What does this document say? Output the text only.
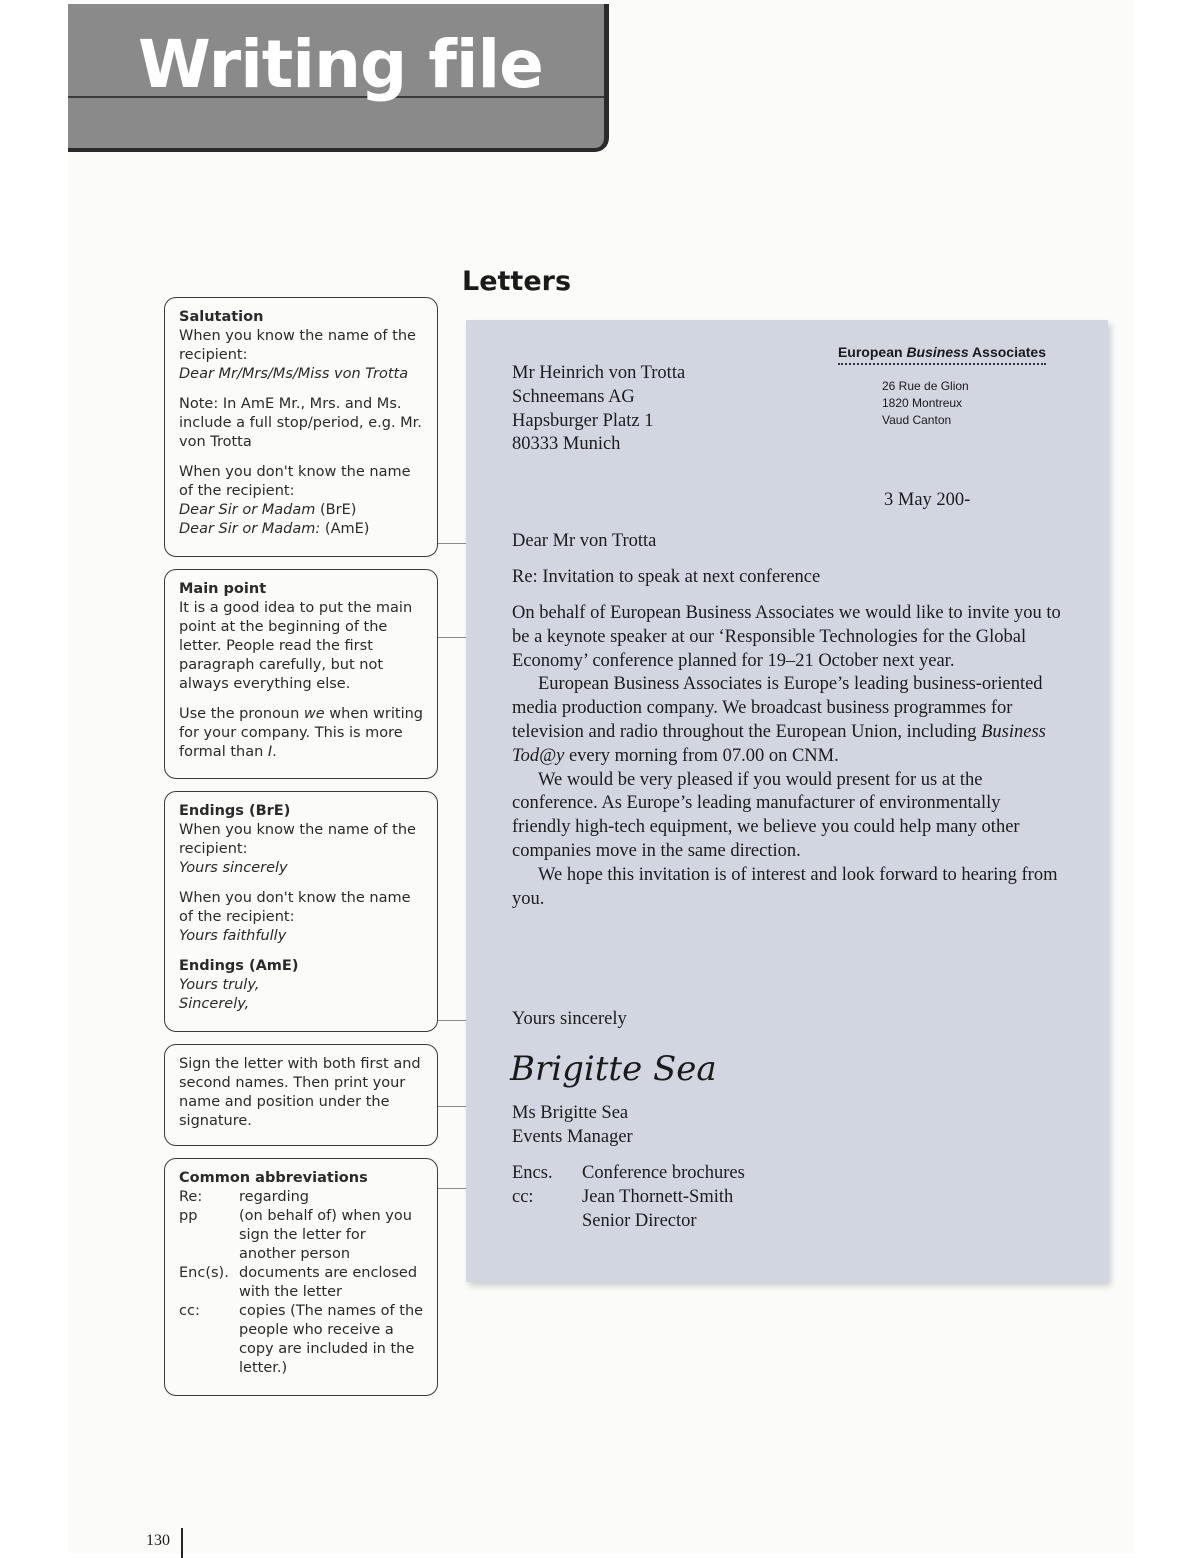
Writing file
Letters

Salutation
When you know the name of the recipient:
Dear Mr/Mrs/Ms/Miss von Trotta

Note: In AmE Mr., Mrs. and Ms. include a full stop/period, e.g. Mr. von Trotta

When you don't know the name of the recipient:
Dear Sir or Madam (BrE)
Dear Sir or Madam: (AmE)

Main point
It is a good idea to put the main point at the beginning of the letter. People read the first paragraph carefully, but not always everything else.

Use the pronoun we when writing for your company. This is more formal than I.

Endings (BrE)
When you know the name of the recipient:
Yours sincerely

When you don't know the name of the recipient:
Yours faithfully

Endings (AmE)
Yours truly,
Sincerely,

Sign the letter with both first and second names. Then print your name and position under the signature.

Common abbreviations
Re:	regarding
pp	(on behalf of) when you sign the letter for another person
Enc(s). documents are enclosed with the letter
cc:	copies (The names of the people who receive a copy are included in the letter.)
European Business Associates
26 Rue de Glion
1820 Montreux
Vaud Canton
Mr Heinrich von Trotta
Schneemans AG
Hapsburger Platz 1
80333 Munich
3 May 200-
Dear Mr von Trotta
Re: Invitation to speak at next conference

On behalf of European Business Associates we would like to invite you to be a keynote speaker at our ‘Responsible Technologies for the Global Economy’ conference planned for 19–21 October next year.

European Business Associates is Europe’s leading business-oriented media production company. We broadcast business programmes for television and radio throughout the European Union, including Business Tod@y every morning from 07.00 on CNM.

We would be very pleased if you would present for us at the conference. As Europe’s leading manufacturer of environmentally friendly high-tech equipment, we believe you could help many other companies move in the same direction.

We hope this invitation is of interest and look forward to hearing from you.

Yours sincerely
Brigitte Sea
Ms Brigitte Sea
Events Manager
Encs.	Conference brochures
cc:	Jean Thornett-Smith
Senior Director
130
